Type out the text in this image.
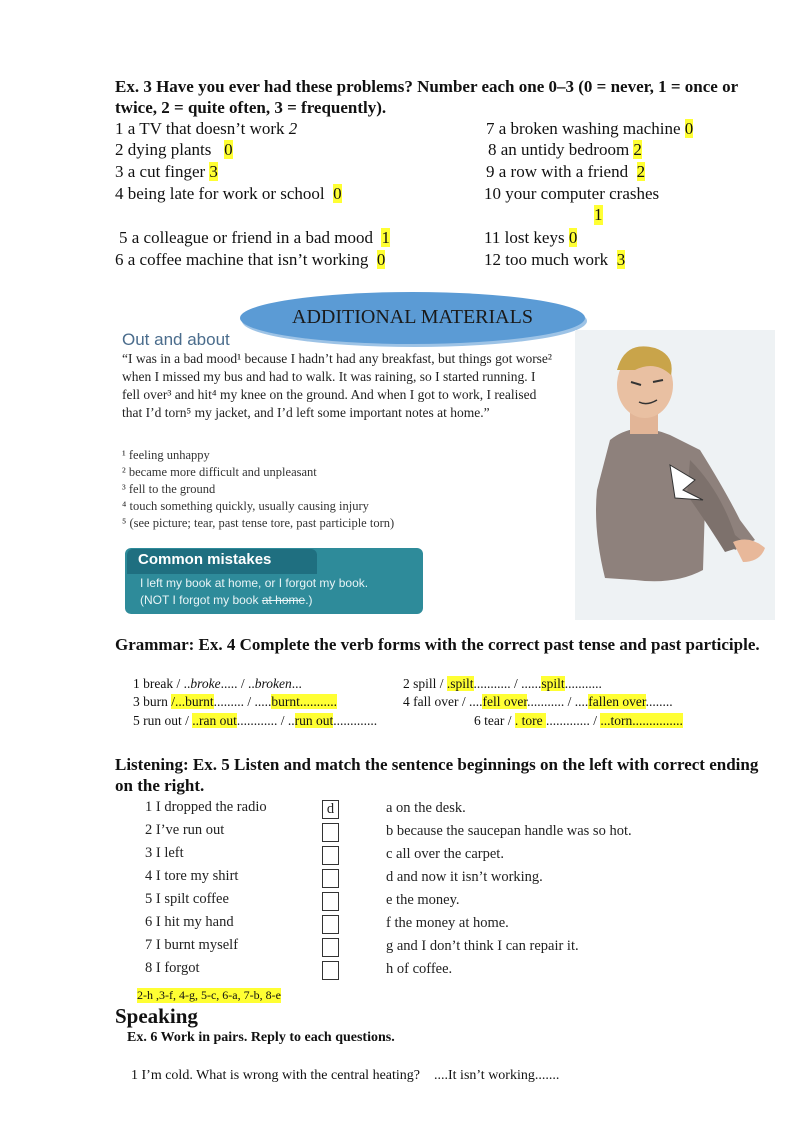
Ex. 3 Have you ever had these problems? Number each one 0–3 (0 = never, 1 = once or twice, 2 = quite often, 3 = frequently).
1 a TV that doesn’t work 2
2 dying plants   0
3 a cut finger 3
4 being late for work or school  0
5 a colleague or friend in a bad mood  1
6 a coffee machine that isn’t working  0
7 a broken washing machine 0
8 an untidy bedroom 2
9 a row with a friend  2
10 your computer crashes
1
11 lost keys 0
12 too much work  3
ADDITIONAL MATERIALS
Out and about
“I was in a bad mood¹ because I hadn’t had any breakfast, but things got worse² when I missed my bus and had to walk. It was raining, so I started running. I fell over³ and hit⁴ my knee on the ground. And when I got to work, I realised that I’d torn⁵ my jacket, and I’d left some important notes at home.”
¹ feeling unhappy
² became more difficult and unpleasant
³ fell to the ground
⁴ touch something quickly, usually causing injury
⁵ (see picture; tear, past tense tore, past participle torn)
Common mistakes
I left my book at home, or I forgot my book.
(NOT I forgot my book at home.)
Grammar: Ex. 4 Complete the verb forms with the correct past tense and past participle.
1 break / ..broke..... / ..broken...
3 burn /...burnt......... / .....burnt...........
5 run out / ..ran out............ / ..run out.............
2 spill / .spilt........... / ......spilt...........
4 fall over / ....fell over........... / ....fallen over........
6 tear / . tore ............. / ...torn...............
Listening: Ex. 5 Listen and match the sentence beginnings on the left with correct ending on the right.
1 I dropped the radio
2 I’ve run out
3 I left
4 I tore my shirt
5 I spilt coffee
6 I hit my hand
7 I burnt myself
8 I forgot
d	a on the desk.
b because the saucepan handle was so hot.
c all over the carpet.
d and now it isn’t working.
e the money.
f the money at home.
g and I don’t think I can repair it.
h of coffee.
2-h ,3-f, 4-g, 5-c, 6-a, 7-b, 8-e
Speaking
Ex. 6 Work in pairs. Reply to each questions.
1 I’m cold. What is wrong with the central heating? ....It isn’t working.......
